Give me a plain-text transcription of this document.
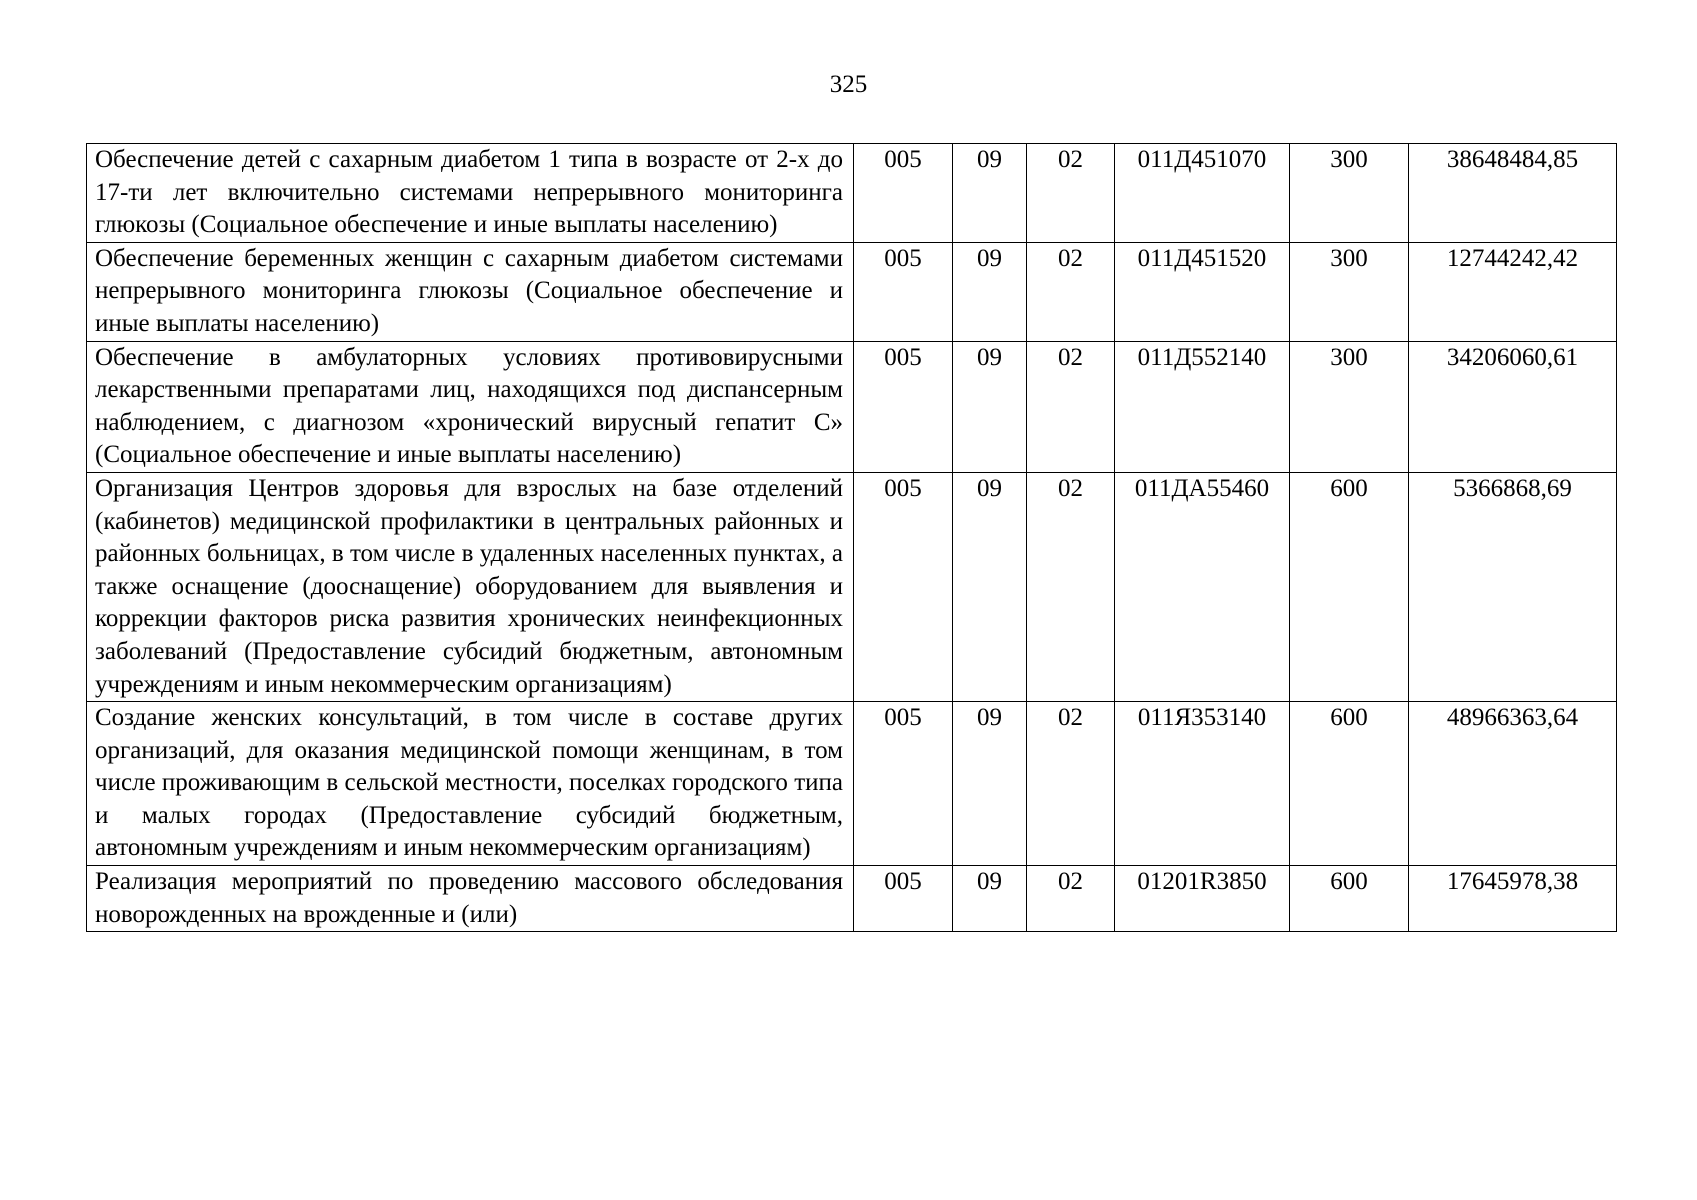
325
Обеспечение детей с сахарным диабетом 1 типа в возрасте от 2-х до 17-ти лет включительно системами непрерывного мониторинга глюкозы (Социальное обеспечение и иные выплаты населению)	005	09	02	011Д451070	300	38648484,85
Обеспечение беременных женщин с сахарным диабетом системами непрерывного мониторинга глюкозы (Социальное обеспечение и иные выплаты населению)	005	09	02	011Д451520	300	12744242,42
Обеспечение в амбулаторных условиях противовирусными лекарственными препаратами лиц, находящихся под диспансерным наблюдением, с диагнозом «хронический вирусный гепатит С» (Социальное обеспечение и иные выплаты населению)	005	09	02	011Д552140	300	34206060,61
Организация Центров здоровья для взрослых на базе отделений (кабинетов) медицинской профилактики в центральных районных и районных больницах, в том числе в удаленных населенных пунктах, а также оснащение (дооснащение) оборудованием для выявления и коррекции факторов риска развития хронических неинфекционных заболеваний (Предоставление субсидий бюджетным, автономным учреждениям и иным некоммерческим организациям)	005	09	02	011ДА55460	600	5366868,69
Создание женских консультаций, в том числе в составе других организаций, для оказания медицинской помощи женщинам, в том числе проживающим в сельской местности, поселках городского типа и малых городах (Предоставление субсидий бюджетным, автономным учреждениям и иным некоммерческим организациям)	005	09	02	011Я353140	600	48966363,64
Реализация мероприятий по проведению массового обследования новорожденных на врожденные и (или)	005	09	02	01201R3850	600	17645978,38
